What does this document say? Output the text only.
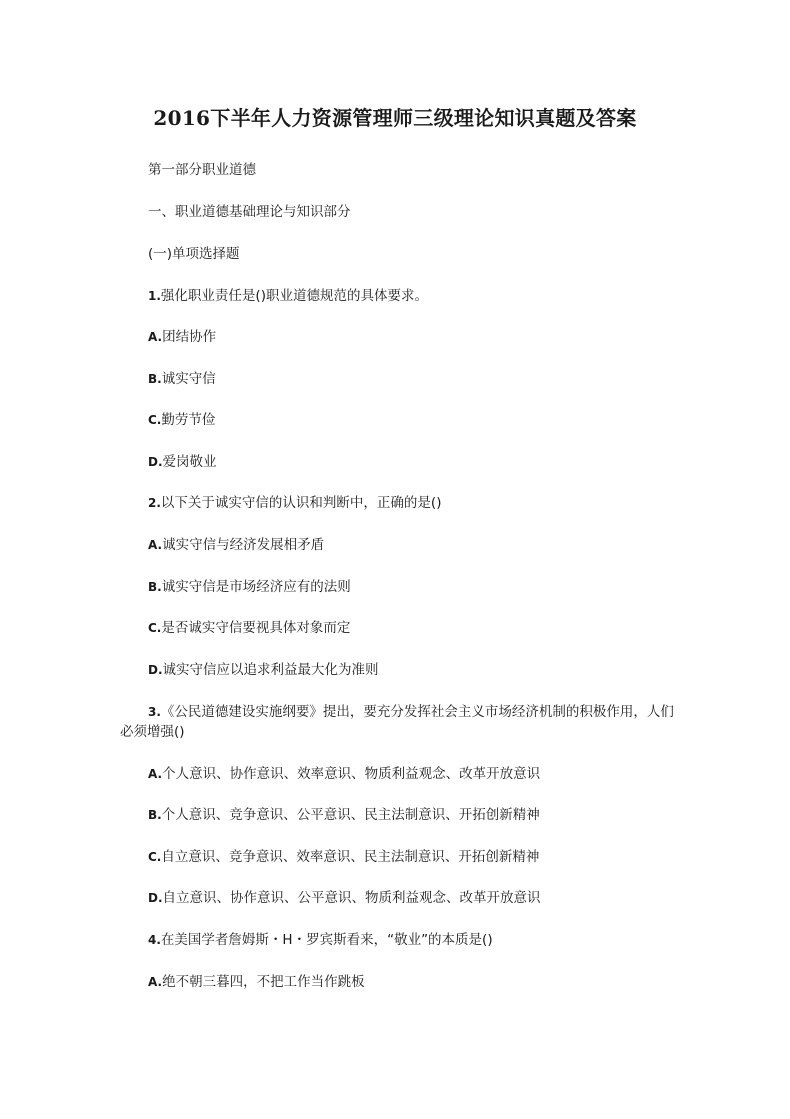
2016下半年人力资源管理师三级理论知识真题及答案
第一部分职业道德
一、职业道德基础理论与知识部分
(一)单项选择题
1.强化职业责任是()职业道德规范的具体要求。
A.团结协作
B.诚实守信
C.勤劳节俭
D.爱岗敬业
2.以下关于诚实守信的认识和判断中，正确的是()
A.诚实守信与经济发展相矛盾
B.诚实守信是市场经济应有的法则
C.是否诚实守信要视具体对象而定
D.诚实守信应以追求利益最大化为准则
3.《公民道德建设实施纲要》提出，要充分发挥社会主义市场经济机制的积极作用，人们必须增强()
A.个人意识、协作意识、效率意识、物质利益观念、改革开放意识
B.个人意识、竞争意识、公平意识、民主法制意识、开拓创新精神
C.自立意识、竞争意识、效率意识、民主法制意识、开拓创新精神
D.自立意识、协作意识、公平意识、物质利益观念、改革开放意识
4.在美国学者詹姆斯・H・罗宾斯看来，“敬业”的本质是()
A.绝不朝三暮四，不把工作当作跳板
